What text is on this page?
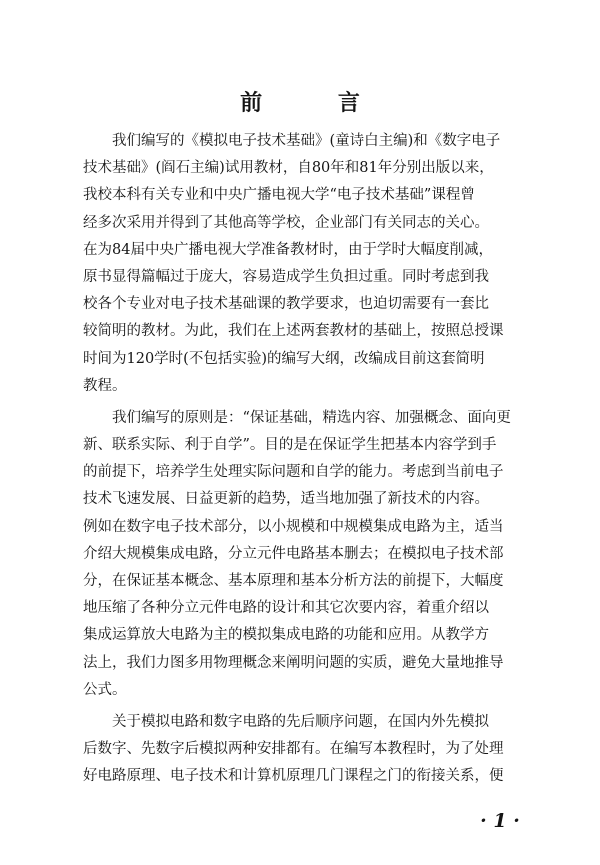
前 言
我们编写的《模拟电子技术基础》(童诗白主编)和《数字电子
技术基础》(阎石主编)试用教材，自80年和81年分别出版以来，
我校本科有关专业和中央广播电视大学“电子技术基础”课程曾
经多次采用并得到了其他高等学校，企业部门有关同志的关心。
在为84届中央广播电视大学准备教材时，由于学时大幅度削减，
原书显得篇幅过于庞大，容易造成学生负担过重。同时考虑到我
校各个专业对电子技术基础课的教学要求，也迫切需要有一套比
较简明的教材。为此，我们在上述两套教材的基础上，按照总授课
时间为120学时(不包括实验)的编写大纲，改编成目前这套简明
教程。
我们编写的原则是：“保证基础，精选内容、加强概念、面向更
新、联系实际、利于自学”。目的是在保证学生把基本内容学到手
的前提下，培养学生处理实际问题和自学的能力。考虑到当前电子
技术飞速发展、日益更新的趋势，适当地加强了新技术的内容。
例如在数字电子技术部分，以小规模和中规模集成电路为主，适当
介绍大规模集成电路，分立元件电路基本删去；在模拟电子技术部
分，在保证基本概念、基本原理和基本分析方法的前提下，大幅度
地压缩了各种分立元件电路的设计和其它次要内容，着重介绍以
集成运算放大电路为主的模拟集成电路的功能和应用。从教学方
法上，我们力图多用物理概念来阐明问题的实质，避免大量地推导
公式。
关于模拟电路和数字电路的先后顺序问题，在国内外先模拟
后数字、先数字后模拟两种安排都有。在编写本教程时，为了处理
好电路原理、电子技术和计算机原理几门课程之门的衔接关系，便
· 1 ·
